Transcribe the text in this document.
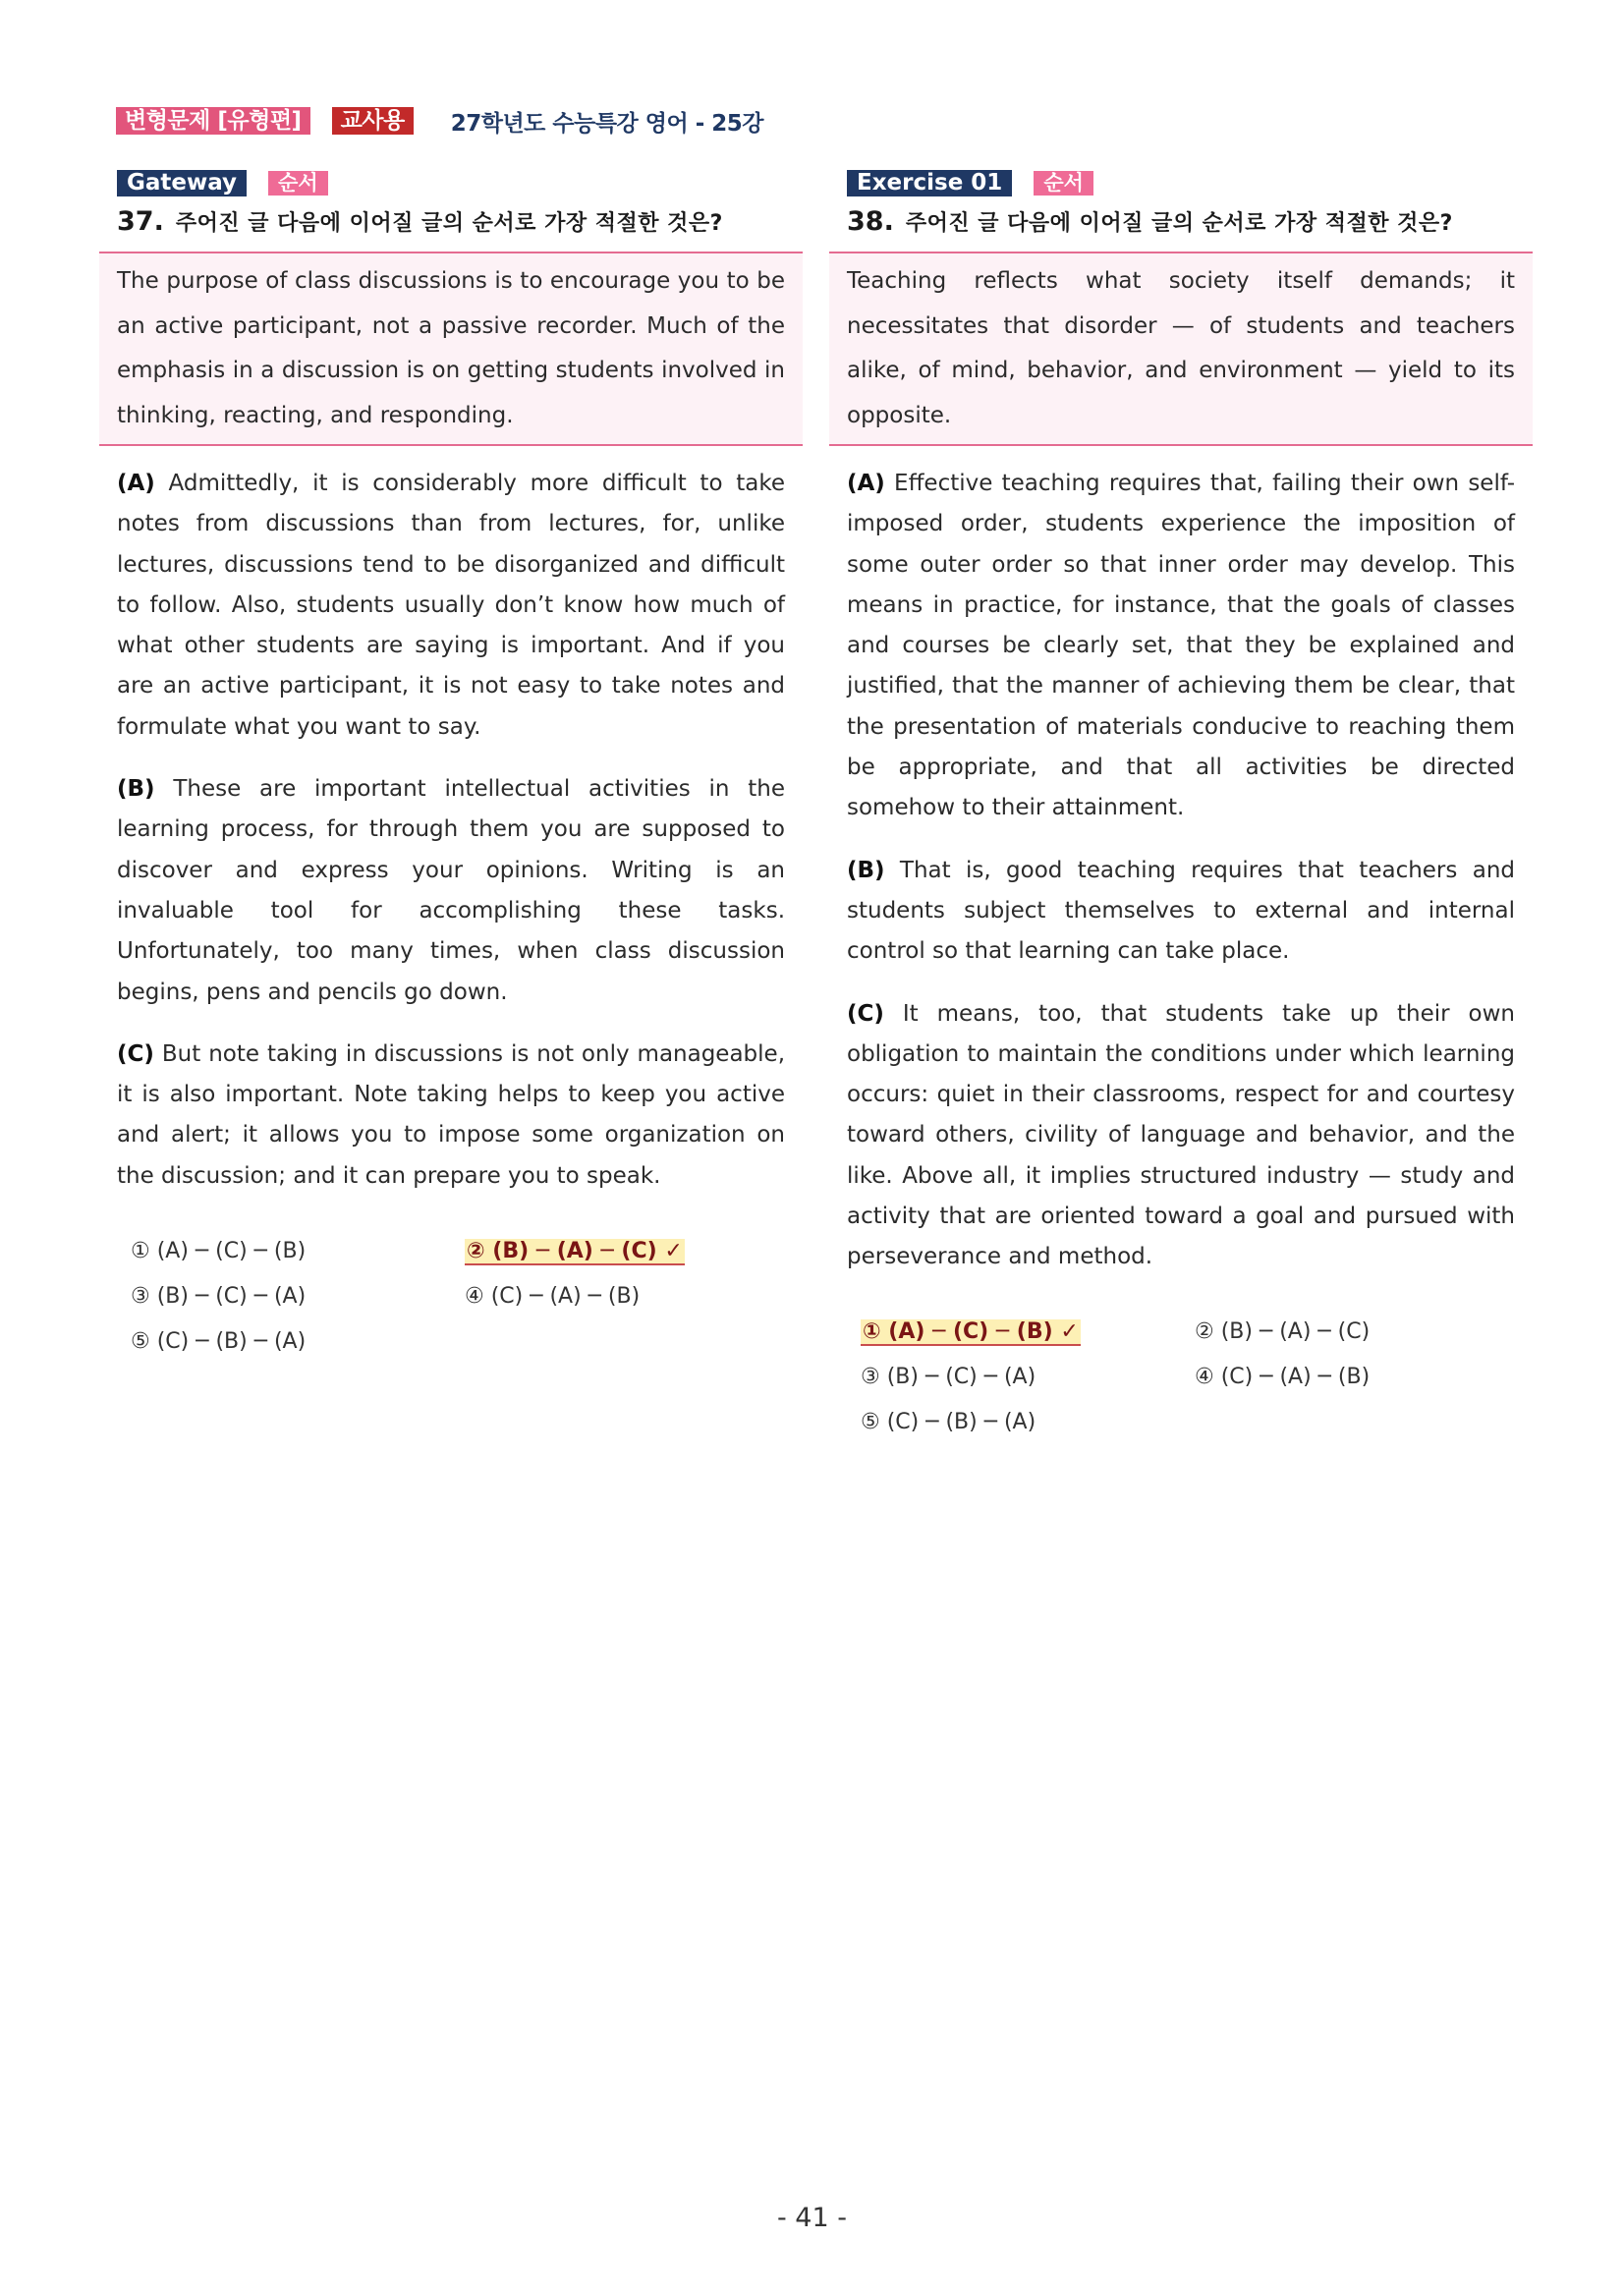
변형문제 [유형편]	교사용	27학년도 수능특강 영어 - 25강
Gateway	순서
37. 주어진 글 다음에 이어질 글의 순서로 가장 적절한 것은?
The purpose of class discussions is to encourage you to be an active participant, not a passive recorder. Much of the emphasis in a discussion is on getting students involved in thinking, reacting, and responding.
(A) Admittedly, it is considerably more difficult to take notes from discussions than from lectures, for, unlike lectures, discussions tend to be disorganized and difficult to follow. Also, students usually don’t know how much of what other students are saying is important. And if you are an active participant, it is not easy to take notes and formulate what you want to say.
(B) These are important intellectual activities in the learning process, for through them you are supposed to discover and express your opinions. Writing is an invaluable tool for accomplishing these tasks. Unfortunately, too many times, when class discussion begins, pens and pencils go down.
(C) But note taking in discussions is not only manageable, it is also important. Note taking helps to keep you active and alert; it allows you to impose some organization on the discussion; and it can prepare you to speak.
① (A) ─ (C) ─ (B)	② (B) ─ (A) ─ (C) ✓
③ (B) ─ (C) ─ (A)	④ (C) ─ (A) ─ (B)
⑤ (C) ─ (B) ─ (A)
Exercise 01	순서
38. 주어진 글 다음에 이어질 글의 순서로 가장 적절한 것은?
Teaching reflects what society itself demands; it necessitates that disorder — of students and teachers alike, of mind, behavior, and environment — yield to its opposite.
(A) Effective teaching requires that, failing their own self-imposed order, students experience the imposition of some outer order so that inner order may develop. This means in practice, for instance, that the goals of classes and courses be clearly set, that they be explained and justified, that the manner of achieving them be clear, that the presentation of materials conducive to reaching them be appropriate, and that all activities be directed somehow to their attainment.
(B) That is, good teaching requires that teachers and students subject themselves to external and internal control so that learning can take place.
(C) It means, too, that students take up their own obligation to maintain the conditions under which learning occurs: quiet in their classrooms, respect for and courtesy toward others, civility of language and behavior, and the like. Above all, it implies structured industry — study and activity that are oriented toward a goal and pursued with perseverance and method.
① (A) ─ (C) ─ (B) ✓	② (B) ─ (A) ─ (C)
③ (B) ─ (C) ─ (A)	④ (C) ─ (A) ─ (B)
⑤ (C) ─ (B) ─ (A)
- 41 -
